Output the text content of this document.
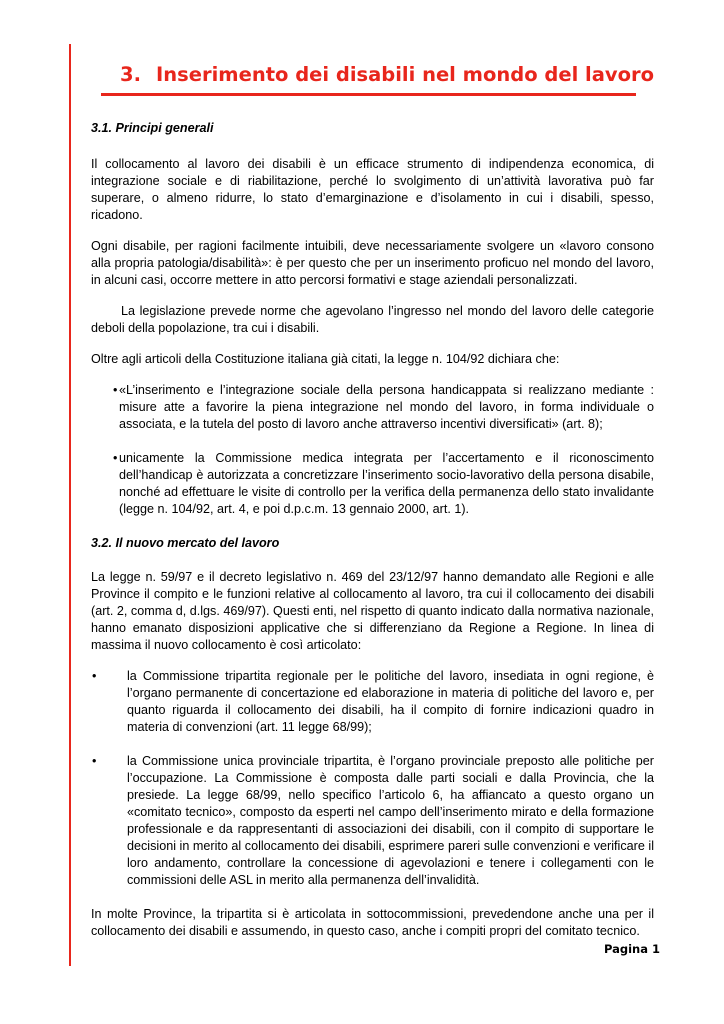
3. Inserimento dei disabili nel mondo del lavoro
3.1. Principi generali

Il collocamento al lavoro dei disabili è un efficace strumento di indipendenza economica, di integrazione sociale e di riabilitazione, perché lo svolgimento di un’attività lavorativa può far superare, o almeno ridurre, lo stato d’emarginazione e d’isolamento in cui i disabili, spesso, ricadono.

Ogni disabile, per ragioni facilmente intuibili, deve necessariamente svolgere un «lavoro consono alla propria patologia/disabilità»: è per questo che per un inserimento proficuo nel mondo del lavoro, in alcuni casi, occorre mettere in atto percorsi formativi e stage aziendali personalizzati.

La legislazione prevede norme che agevolano l’ingresso nel mondo del lavoro delle categorie deboli della popolazione, tra cui i disabili.

Oltre agli articoli della Costituzione italiana già citati, la legge n. 104/92 dichiara che:

• «L’inserimento e l’integrazione sociale della persona handicappata si realizzano mediante : misure atte a favorire la piena integrazione nel mondo del lavoro, in forma individuale o associata, e la tutela del posto di lavoro anche attraverso incentivi diversificati» (art. 8);
• unicamente la Commissione medica integrata per l’accertamento e il riconoscimento dell’handicap è autorizzata a concretizzare l’inserimento socio-lavorativo della persona disabile, nonché ad effettuare le visite di controllo per la verifica della permanenza dello stato invalidante (legge n. 104/92, art. 4, e poi d.p.c.m. 13 gennaio 2000, art. 1).
3.2. Il nuovo mercato del lavoro

La legge n. 59/97 e il decreto legislativo n. 469 del 23/12/97 hanno demandato alle Regioni e alle Province il compito e le funzioni relative al collocamento al lavoro, tra cui il collocamento dei disabili (art. 2, comma d, d.lgs. 469/97). Questi enti, nel rispetto di quanto indicato dalla normativa nazionale, hanno emanato disposizioni applicative che si differenziano da Regione a Regione. In linea di massima il nuovo collocamento è così articolato:

• la Commissione tripartita regionale per le politiche del lavoro, insediata in ogni regione, è l’organo permanente di concertazione ed elaborazione in materia di politiche del lavoro e, per quanto riguarda il collocamento dei disabili, ha il compito di fornire indicazioni quadro in materia di convenzioni (art. 11 legge 68/99);
• la Commissione unica provinciale tripartita, è l’organo provinciale preposto alle politiche per l’occupazione. La Commissione è composta dalle parti sociali e dalla Provincia, che la presiede. La legge 68/99, nello specifico l’articolo 6, ha affiancato a questo organo un «comitato tecnico», composto da esperti nel campo dell’inserimento mirato e della formazione professionale e da rappresentanti di associazioni dei disabili, con il compito di supportare le decisioni in merito al collocamento dei disabili, esprimere pareri sulle convenzioni e verificare il loro andamento, controllare la concessione di agevolazioni e tenere i collegamenti con le commissioni delle ASL in merito alla permanenza dell’invalidità.

In molte Province, la tripartita si è articolata in sottocommissioni, prevedendone anche una per il collocamento dei disabili e assumendo, in questo caso, anche i compiti propri del comitato tecnico.

Pagina 1
